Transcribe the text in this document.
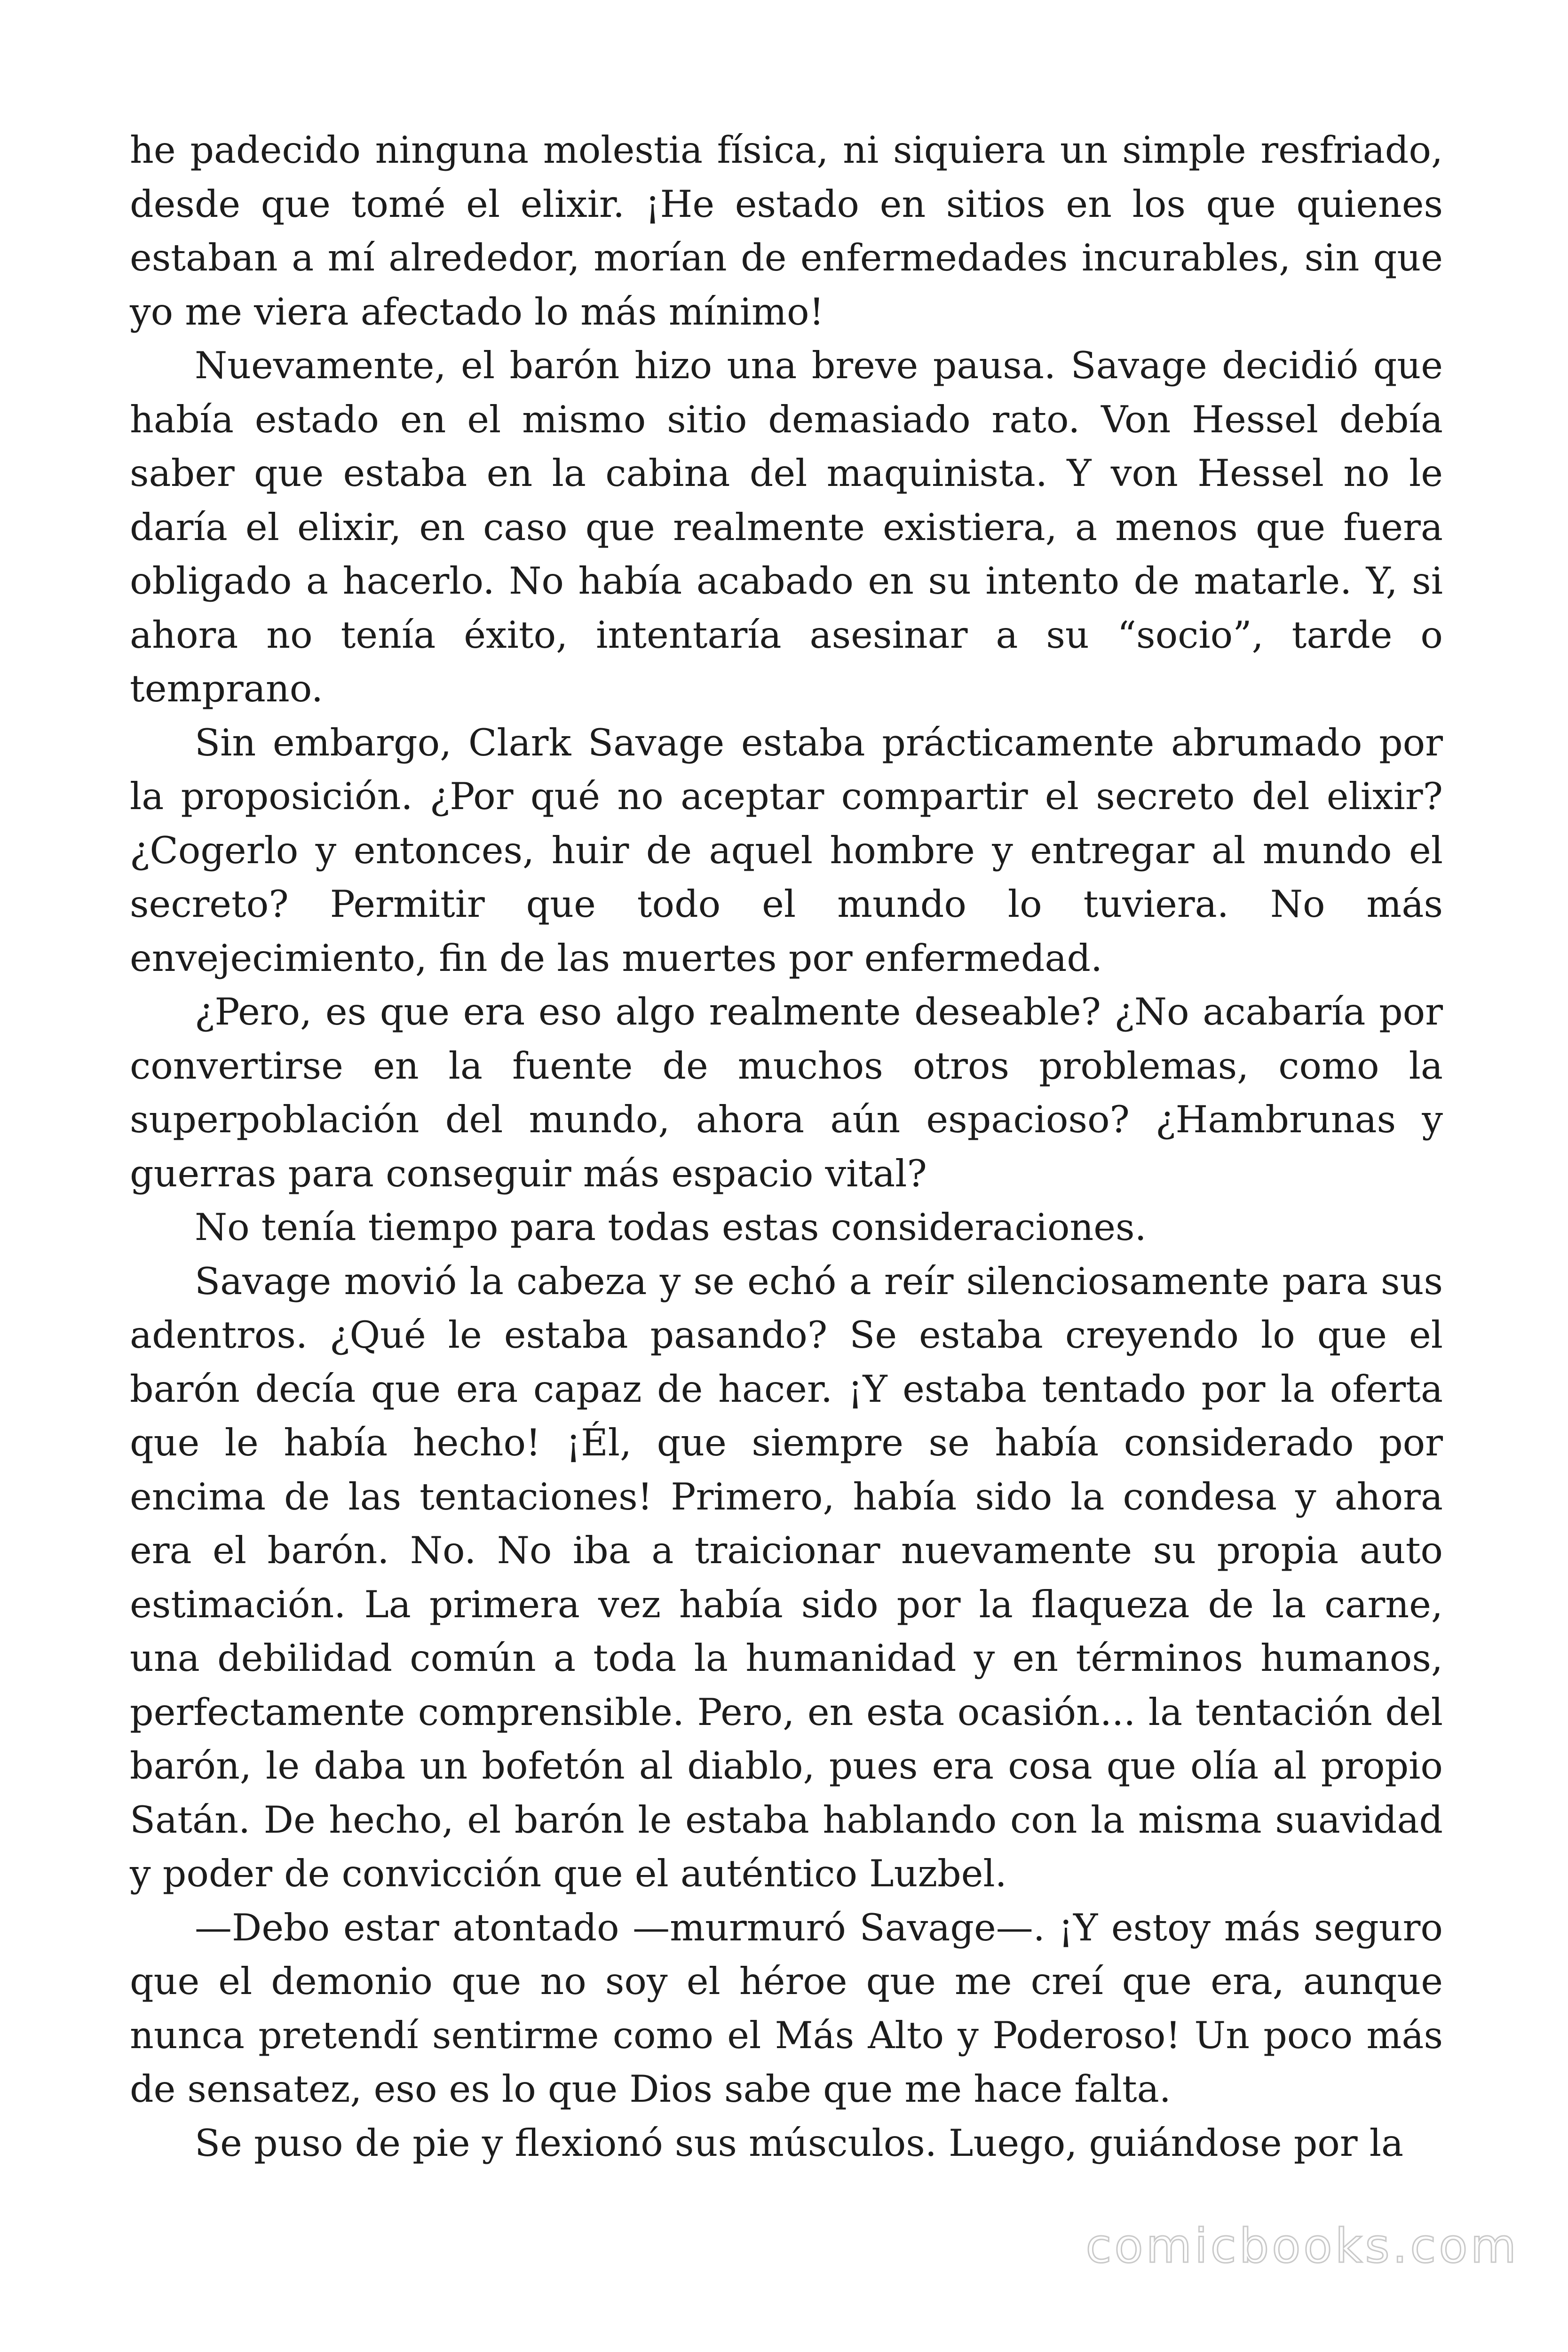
he padecido ninguna molestia física, ni siquiera un simple resfriado, desde que tomé el elixir. ¡He estado en sitios en los que quienes estaban a mí alrededor, morían de enfermedades incurables, sin que yo me viera afectado lo más mínimo!

Nuevamente, el barón hizo una breve pausa. Savage decidió que había estado en el mismo sitio demasiado rato. Von Hessel debía saber que estaba en la cabina del maquinista. Y von Hessel no le daría el elixir, en caso que realmente existiera, a menos que fuera obligado a hacerlo. No había acabado en su intento de matarle. Y, si ahora no tenía éxito, intentaría asesinar a su “socio”, tarde o temprano.

Sin embargo, Clark Savage estaba prácticamente abrumado por la proposición. ¿Por qué no aceptar compartir el secreto del elixir? ¿Cogerlo y entonces, huir de aquel hombre y entregar al mundo el secreto? Permitir que todo el mundo lo tuviera. No más envejecimiento, fin de las muertes por enfermedad.

¿Pero, es que era eso algo realmente deseable? ¿No acabaría por convertirse en la fuente de muchos otros problemas, como la superpoblación del mundo, ahora aún espacioso? ¿Hambrunas y guerras para conseguir más espacio vital?

No tenía tiempo para todas estas consideraciones.

Savage movió la cabeza y se echó a reír silenciosamente para sus adentros. ¿Qué le estaba pasando? Se estaba creyendo lo que el barón decía que era capaz de hacer. ¡Y estaba tentado por la oferta que le había hecho! ¡Él, que siempre se había considerado por encima de las tentaciones! Primero, había sido la condesa y ahora era el barón. No. No iba a traicionar nuevamente su propia auto estimación. La primera vez había sido por la flaqueza de la carne, una debilidad común a toda la humanidad y en términos humanos, perfectamente comprensible. Pero, en esta ocasión... la tentación del barón, le daba un bofetón al diablo, pues era cosa que olía al propio Satán. De hecho, el barón le estaba hablando con la misma suavidad y poder de convicción que el auténtico Luzbel.

—Debo estar atontado —murmuró Savage—. ¡Y estoy más seguro que el demonio que no soy el héroe que me creí que era, aunque nunca pretendí sentirme como el Más Alto y Poderoso! Un poco más de sensatez, eso es lo que Dios sabe que me hace falta.

Se puso de pie y flexionó sus músculos. Luego, guiándose por la

comicbooks.com
